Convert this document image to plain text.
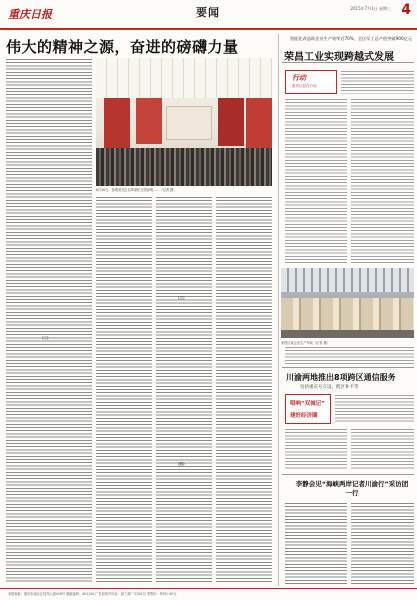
重庆日报	要闻	2015年7月1日 星期三 4
伟大的精神之源，奋进的磅礴力量
6月30日，参观者在红岩革命纪念馆参观……（记者 摄）
（二）
（三）
（四）
智能化改造助企业生产效率近70%，全区军工总产值突破900亿元
荣昌工业实现跨越式发展
行动
重庆区县在行动
荣昌区某企业生产车间（记者 摄）
川渝两地推出8项跨区通信服务
包括重庆号互设、跨区补卡等
唱响“双城记”
建好经济圈
李静会见“海峡两岸记者川渝行”采访团一行
本报地址：重庆市渝北区同茂大道416号 邮政编码：401120 广告经营许可证：渝工商广字001号 零售价：每份1.50元
